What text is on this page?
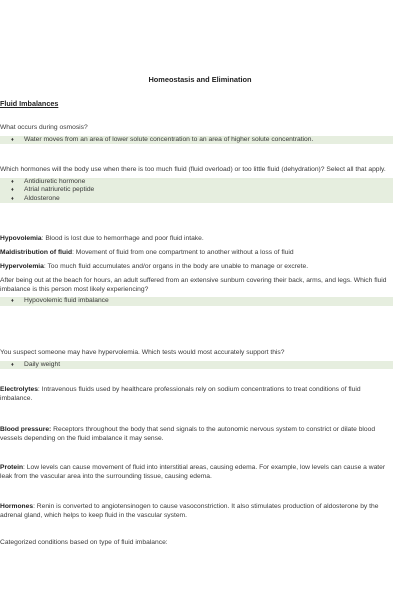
Homeostasis and Elimination
Fluid Imbalances

What occurs during osmosis?

♦ Water moves from an area of lower solute concentration to an area of higher solute concentration.

Which hormones will the body use when there is too much fluid (fluid overload) or too little fluid (dehydration)? Select all that apply.

♦ Antidiuretic hormone
♦ Atrial natriuretic peptide
♦ Aldosterone
Hypovolemia: Blood is lost due to hemorrhage and poor fluid intake.
Maldistribution of fluid: Movement of fluid from one compartment to another without a loss of fluid
Hypervolemia: Too much fluid accumulates and/or organs in the body are unable to manage or excrete.

After being out at the beach for hours, an adult suffered from an extensive sunburn covering their back, arms, and legs. Which fluid imbalance is this person most likely experiencing?

♦ Hypovolemic fluid imbalance

You suspect someone may have hypervolemia. Which tests would most accurately support this?

♦ Daily weight
Electrolytes: Intravenous fluids used by healthcare professionals rely on sodium concentrations to treat conditions of fluid imbalance.
Blood pressure: Receptors throughout the body that send signals to the autonomic nervous system to constrict or dilate blood vessels depending on the fluid imbalance it may sense.
Protein: Low levels can cause movement of fluid into interstitial areas, causing edema. For example, low levels can cause a water leak from the vascular area into the surrounding tissue, causing edema.
Hormones: Renin is converted to angiotensinogen to cause vasoconstriction. It also stimulates production of aldosterone by the adrenal gland, which helps to keep fluid in the vascular system.
Categorized conditions based on type of fluid imbalance:
